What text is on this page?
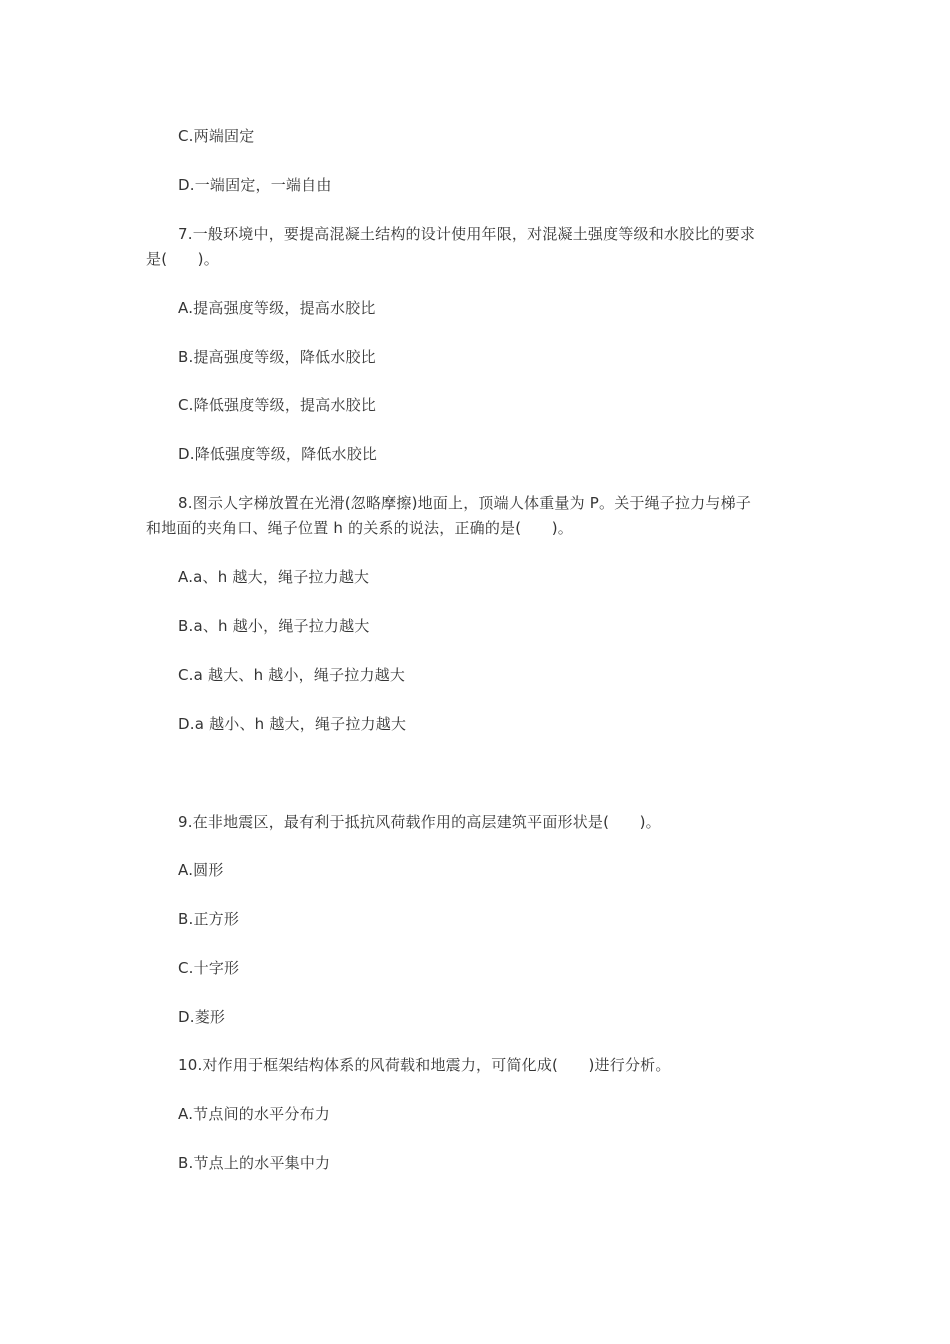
C.两端固定
D.一端固定，一端自由
7.一般环境中，要提高混凝土结构的设计使用年限，对混凝土强度等级和水胶比的要求
是(　　)。
A.提高强度等级，提高水胶比
B.提高强度等级，降低水胶比
C.降低强度等级，提高水胶比
D.降低强度等级，降低水胶比
8.图示人字梯放置在光滑(忽略摩擦)地面上，顶端人体重量为 P。关于绳子拉力与梯子
和地面的夹角口、绳子位置 h 的关系的说法，正确的是(　　)。
A.a、h 越大，绳子拉力越大
B.a、h 越小，绳子拉力越大
C.a 越大、h 越小，绳子拉力越大
D.a 越小、h 越大，绳子拉力越大
9.在非地震区，最有利于抵抗风荷载作用的高层建筑平面形状是(　　)。
A.圆形
B.正方形
C.十字形
D.菱形
10.对作用于框架结构体系的风荷载和地震力，可简化成(　　)进行分析。
A.节点间的水平分布力
B.节点上的水平集中力
